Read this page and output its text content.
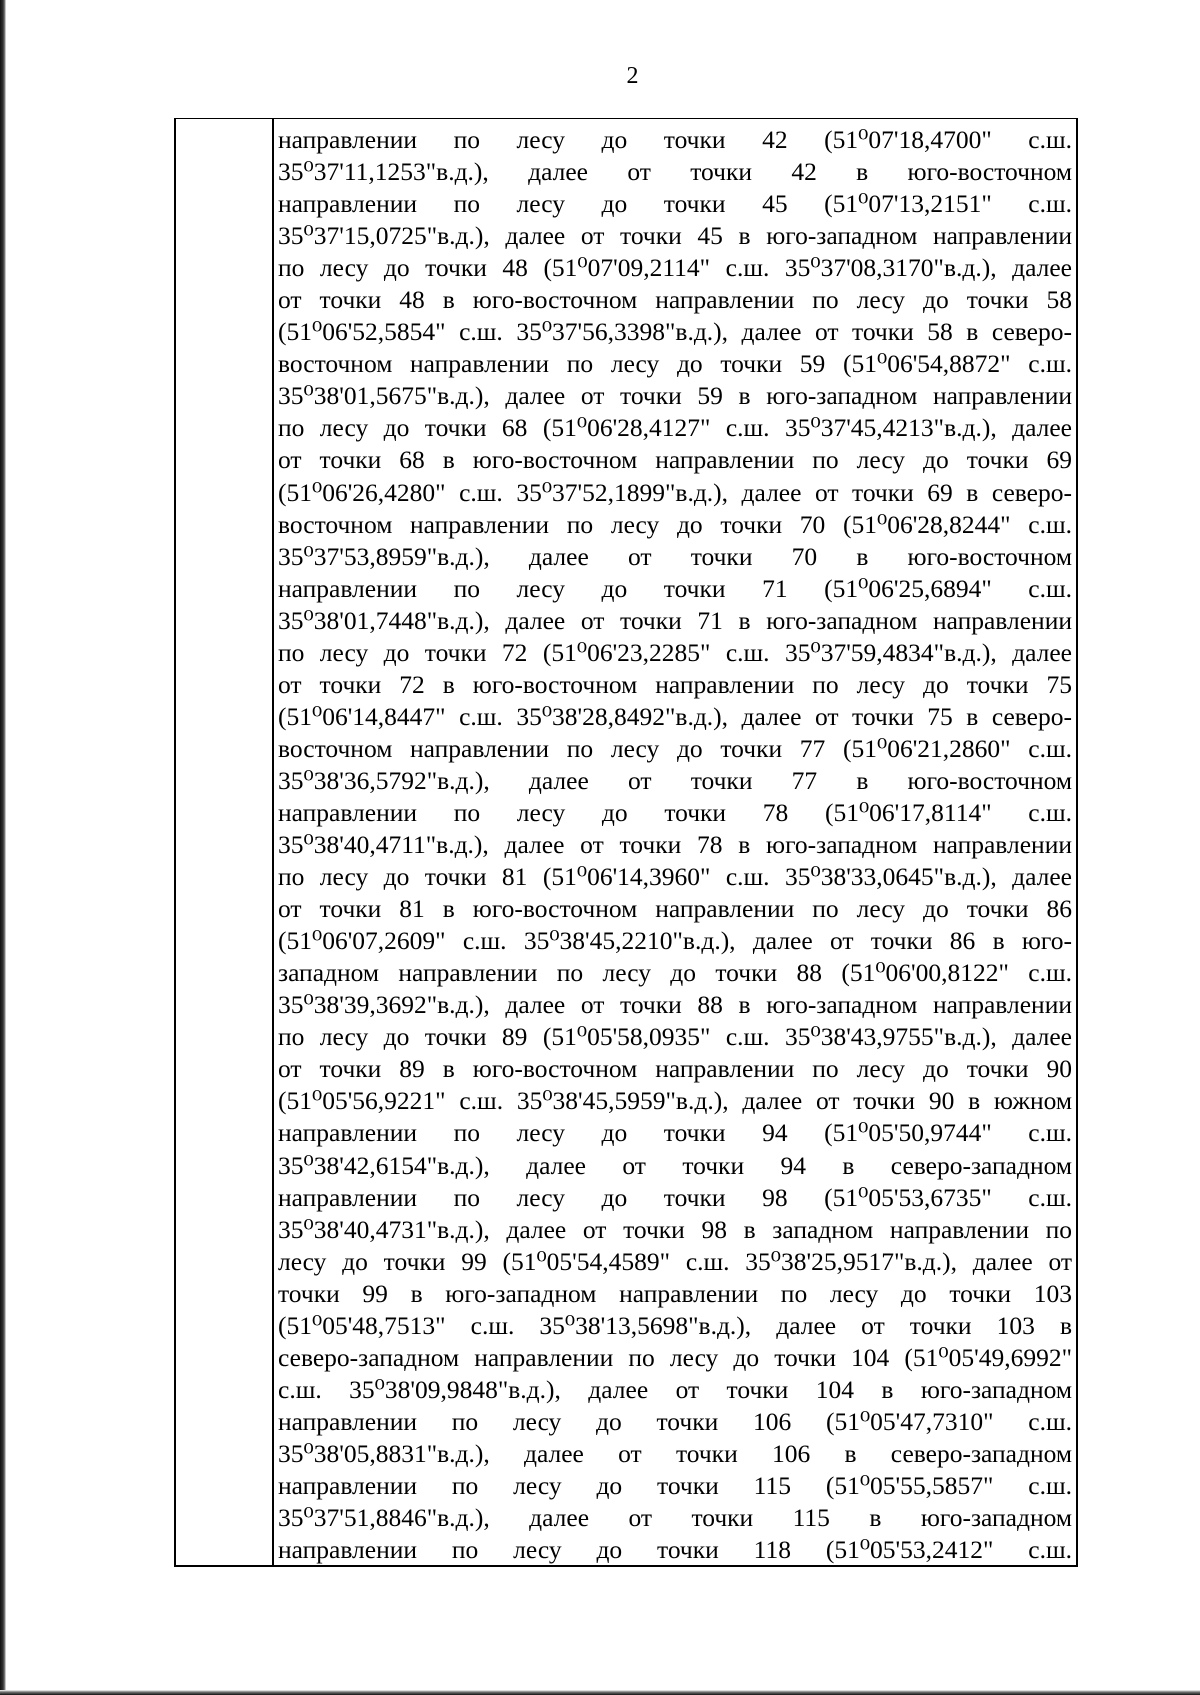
2
направлении по лесу до точки 42 (51⁰07'18,4700" с.ш.
35⁰37'11,1253"в.д.), далее от точки 42 в юго-восточном
направлении по лесу до точки 45 (51⁰07'13,2151" с.ш.
35⁰37'15,0725"в.д.), далее от точки 45 в юго-западном направлении
по лесу до точки 48 (51⁰07'09,2114" с.ш. 35⁰37'08,3170"в.д.), далее
от точки 48 в юго-восточном направлении по лесу до точки 58
(51⁰06'52,5854" с.ш. 35⁰37'56,3398"в.д.), далее от точки 58 в северо-
восточном направлении по лесу до точки 59 (51⁰06'54,8872" с.ш.
35⁰38'01,5675"в.д.), далее от точки 59 в юго-западном направлении
по лесу до точки 68 (51⁰06'28,4127" с.ш. 35⁰37'45,4213"в.д.), далее
от точки 68 в юго-восточном направлении по лесу до точки 69
(51⁰06'26,4280" с.ш. 35⁰37'52,1899"в.д.), далее от точки 69 в северо-
восточном направлении по лесу до точки 70 (51⁰06'28,8244" с.ш.
35⁰37'53,8959"в.д.), далее от точки 70 в юго-восточном
направлении по лесу до точки 71 (51⁰06'25,6894" с.ш.
35⁰38'01,7448"в.д.), далее от точки 71 в юго-западном направлении
по лесу до точки 72 (51⁰06'23,2285" с.ш. 35⁰37'59,4834"в.д.), далее
от точки 72 в юго-восточном направлении по лесу до точки 75
(51⁰06'14,8447" с.ш. 35⁰38'28,8492"в.д.), далее от точки 75 в северо-
восточном направлении по лесу до точки 77 (51⁰06'21,2860" с.ш.
35⁰38'36,5792"в.д.), далее от точки 77 в юго-восточном
направлении по лесу до точки 78 (51⁰06'17,8114" с.ш.
35⁰38'40,4711"в.д.), далее от точки 78 в юго-западном направлении
по лесу до точки 81 (51⁰06'14,3960" с.ш. 35⁰38'33,0645"в.д.), далее
от точки 81 в юго-восточном направлении по лесу до точки 86
(51⁰06'07,2609" с.ш. 35⁰38'45,2210"в.д.), далее от точки 86 в юго-
западном направлении по лесу до точки 88 (51⁰06'00,8122" с.ш.
35⁰38'39,3692"в.д.), далее от точки 88 в юго-западном направлении
по лесу до точки 89 (51⁰05'58,0935" с.ш. 35⁰38'43,9755"в.д.), далее
от точки 89 в юго-восточном направлении по лесу до точки 90
(51⁰05'56,9221" с.ш. 35⁰38'45,5959"в.д.), далее от точки 90 в южном
направлении по лесу до точки 94 (51⁰05'50,9744" с.ш.
35⁰38'42,6154"в.д.), далее от точки 94 в северо-западном
направлении по лесу до точки 98 (51⁰05'53,6735" с.ш.
35⁰38'40,4731"в.д.), далее от точки 98 в западном направлении по
лесу до точки 99 (51⁰05'54,4589" с.ш. 35⁰38'25,9517"в.д.), далее от
точки 99 в юго-западном направлении по лесу до точки 103
(51⁰05'48,7513" с.ш. 35⁰38'13,5698"в.д.), далее от точки 103 в
северо-западном направлении по лесу до точки 104 (51⁰05'49,6992"
с.ш. 35⁰38'09,9848"в.д.), далее от точки 104 в юго-западном
направлении по лесу до точки 106 (51⁰05'47,7310" с.ш.
35⁰38'05,8831"в.д.), далее от точки 106 в северо-западном
направлении по лесу до точки 115 (51⁰05'55,5857" с.ш.
35⁰37'51,8846"в.д.), далее от точки 115 в юго-западном
направлении по лесу до точки 118 (51⁰05'53,2412" с.ш.
